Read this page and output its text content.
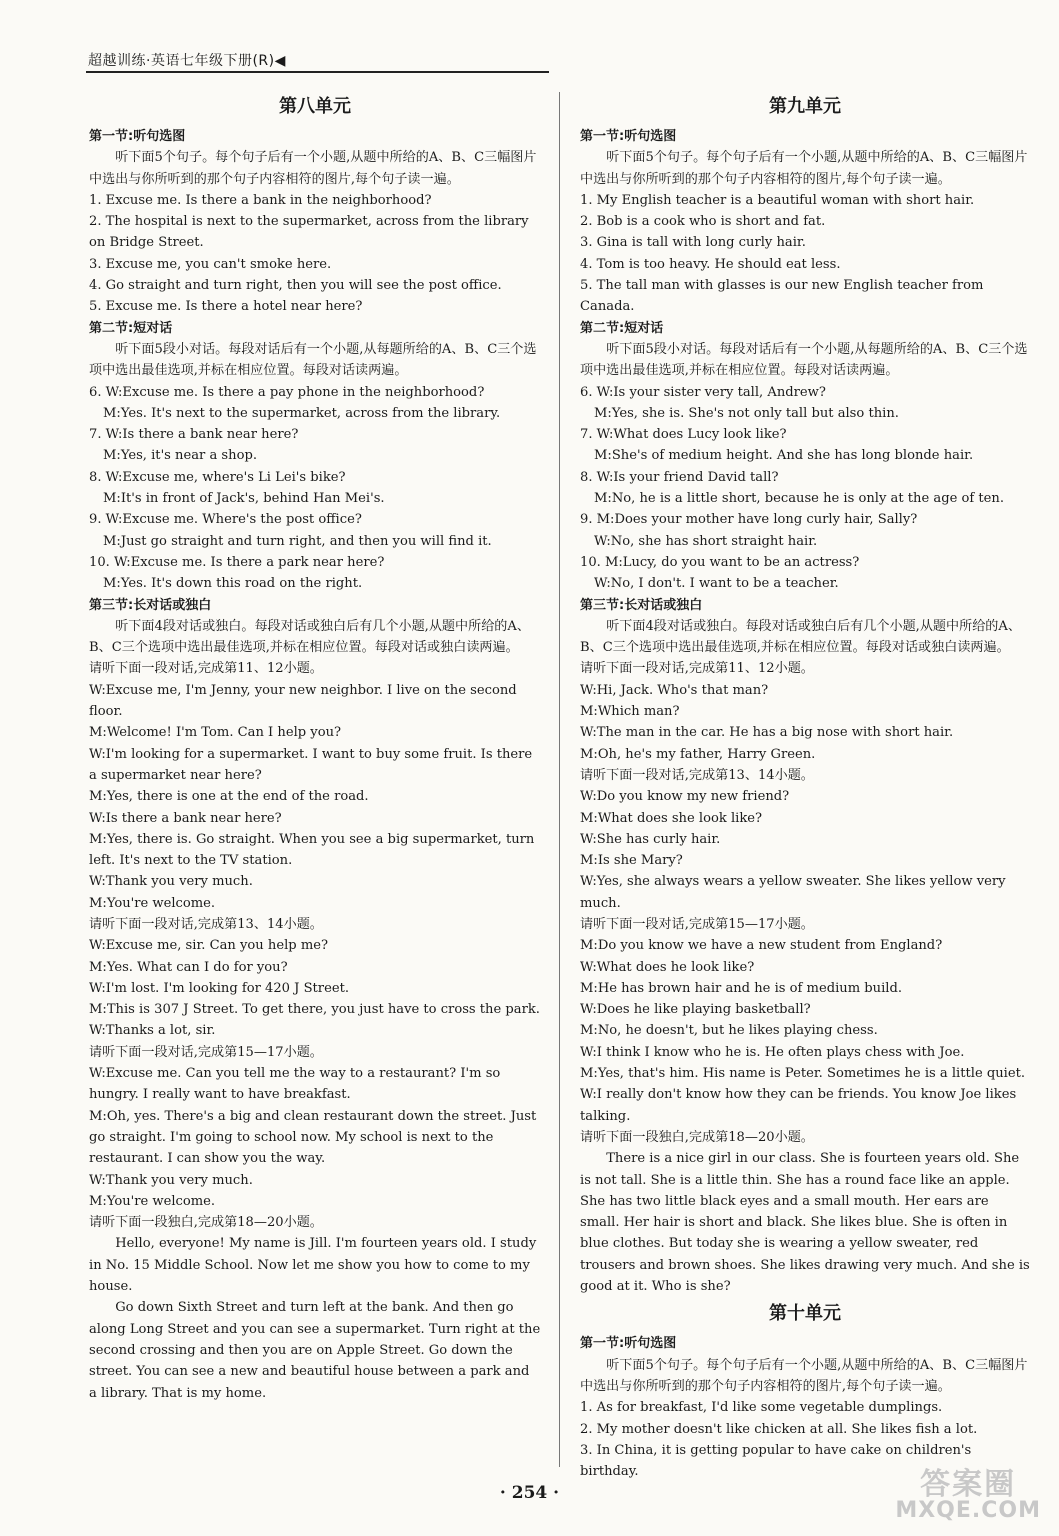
超越训练·英语七年级下册(R)◀
第八单元
第一节:听句选图
听下面5个句子。每个句子后有一个小题,从题中所给的A、B、C三幅图片中选出与你所听到的那个句子内容相符的图片,每个句子读一遍。
1. Excuse me. Is there a bank in the neighborhood?
2. The hospital is next to the supermarket, across from the library on Bridge Street.
3. Excuse me, you can't smoke here.
4. Go straight and turn right, then you will see the post office.
5. Excuse me. Is there a hotel near here?
第二节:短对话
听下面5段小对话。每段对话后有一个小题,从每题所给的A、B、C三个选项中选出最佳选项,并标在相应位置。每段对话读两遍。
6. W:Excuse me. Is there a pay phone in the neighborhood?
M:Yes. It's next to the supermarket, across from the library.
7. W:Is there a bank near here?
M:Yes, it's near a shop.
8. W:Excuse me, where's Li Lei's bike?
M:It's in front of Jack's, behind Han Mei's.
9. W:Excuse me. Where's the post office?
M:Just go straight and turn right, and then you will find it.
10. W:Excuse me. Is there a park near here?
M:Yes. It's down this road on the right.
第三节:长对话或独白
听下面4段对话或独白。每段对话或独白后有几个小题,从题中所给的A、B、C三个选项中选出最佳选项,并标在相应位置。每段对话或独白读两遍。
请听下面一段对话,完成第11、12小题。
W:Excuse me, I'm Jenny, your new neighbor. I live on the second floor.
M:Welcome! I'm Tom. Can I help you?
W:I'm looking for a supermarket. I want to buy some fruit. Is there a supermarket near here?
M:Yes, there is one at the end of the road.
W:Is there a bank near here?
M:Yes, there is. Go straight. When you see a big supermarket, turn left. It's next to the TV station.
W:Thank you very much.
M:You're welcome.
请听下面一段对话,完成第13、14小题。
W:Excuse me, sir. Can you help me?
M:Yes. What can I do for you?
W:I'm lost. I'm looking for 420 J Street.
M:This is 307 J Street. To get there, you just have to cross the park.
W:Thanks a lot, sir.
请听下面一段对话,完成第15—17小题。
W:Excuse me. Can you tell me the way to a restaurant? I'm so hungry. I really want to have breakfast.
M:Oh, yes. There's a big and clean restaurant down the street. Just go straight. I'm going to school now. My school is next to the restaurant. I can show you the way.
W:Thank you very much.
M:You're welcome.
请听下面一段独白,完成第18—20小题。
Hello, everyone! My name is Jill. I'm fourteen years old. I study in No. 15 Middle School. Now let me show you how to come to my house.
Go down Sixth Street and turn left at the bank. And then go along Long Street and you can see a supermarket. Turn right at the second crossing and then you are on Apple Street. Go down the street. You can see a new and beautiful house between a park and a library. That is my home.
第九单元
第一节:听句选图
听下面5个句子。每个句子后有一个小题,从题中所给的A、B、C三幅图片中选出与你所听到的那个句子内容相符的图片,每个句子读一遍。
1. My English teacher is a beautiful woman with short hair.
2. Bob is a cook who is short and fat.
3. Gina is tall with long curly hair.
4. Tom is too heavy. He should eat less.
5. The tall man with glasses is our new English teacher from Canada.
第二节:短对话
听下面5段小对话。每段对话后有一个小题,从每题所给的A、B、C三个选项中选出最佳选项,并标在相应位置。每段对话读两遍。
6. W:Is your sister very tall, Andrew?
M:Yes, she is. She's not only tall but also thin.
7. W:What does Lucy look like?
M:She's of medium height. And she has long blonde hair.
8. W:Is your friend David tall?
M:No, he is a little short, because he is only at the age of ten.
9. M:Does your mother have long curly hair, Sally?
W:No, she has short straight hair.
10. M:Lucy, do you want to be an actress?
W:No, I don't. I want to be a teacher.
第三节:长对话或独白
听下面4段对话或独白。每段对话或独白后有几个小题,从题中所给的A、B、C三个选项中选出最佳选项,并标在相应位置。每段对话或独白读两遍。
请听下面一段对话,完成第11、12小题。
W:Hi, Jack. Who's that man?
M:Which man?
W:The man in the car. He has a big nose with short hair.
M:Oh, he's my father, Harry Green.
请听下面一段对话,完成第13、14小题。
W:Do you know my new friend?
M:What does she look like?
W:She has curly hair.
M:Is she Mary?
W:Yes, she always wears a yellow sweater. She likes yellow very much.
请听下面一段对话,完成第15—17小题。
M:Do you know we have a new student from England?
W:What does he look like?
M:He has brown hair and he is of medium build.
W:Does he like playing basketball?
M:No, he doesn't, but he likes playing chess.
W:I think I know who he is. He often plays chess with Joe.
M:Yes, that's him. His name is Peter. Sometimes he is a little quiet.
W:I really don't know how they can be friends. You know Joe likes talking.
请听下面一段独白,完成第18—20小题。
There is a nice girl in our class. She is fourteen years old. She is not tall. She is a little thin. She has a round face like an apple. She has two little black eyes and a small mouth. Her ears are small. Her hair is short and black. She likes blue. She is often in blue clothes. But today she is wearing a yellow sweater, red trousers and brown shoes. She likes drawing very much. And she is good at it. Who is she?
第十单元
第一节:听句选图
听下面5个句子。每个句子后有一个小题,从题中所给的A、B、C三幅图片中选出与你所听到的那个句子内容相符的图片,每个句子读一遍。
1. As for breakfast, I'd like some vegetable dumplings.
2. My mother doesn't like chicken at all. She likes fish a lot.
3. In China, it is getting popular to have cake on children's birthday.
· 254 ·	答案圈
MXQE.COM
